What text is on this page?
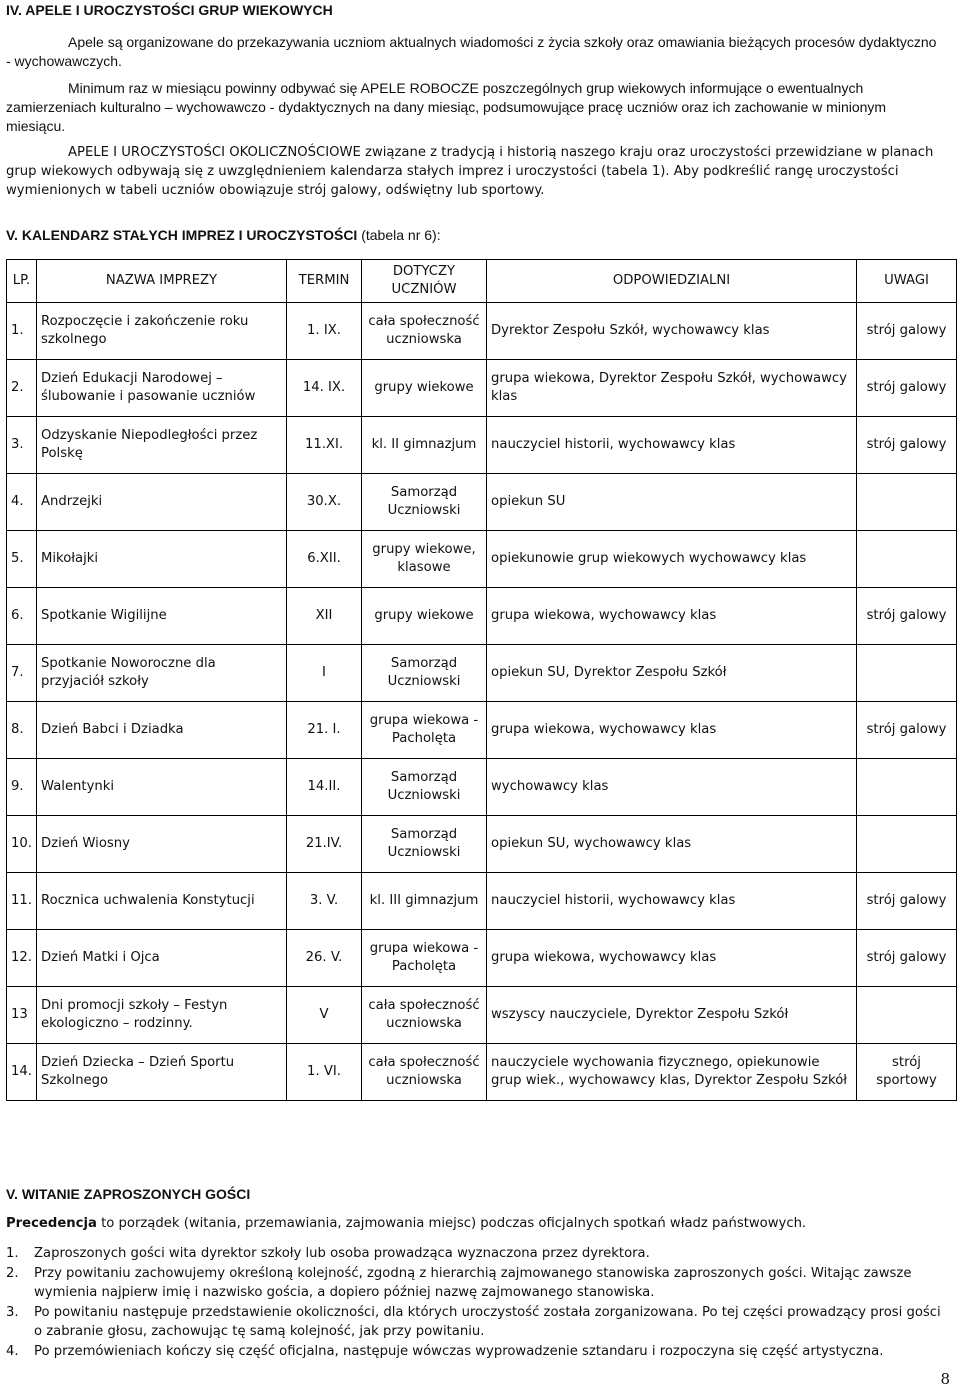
IV. APELE I UROCZYSTOŚCI GRUP WIEKOWYCH

Apele są organizowane do przekazywania uczniom aktualnych wiadomości z życia szkoły oraz omawiania bieżących procesów dydaktyczno - wychowawczych.

Minimum raz w miesiącu powinny odbywać się APELE ROBOCZE poszczególnych grup wiekowych informujące o ewentualnych zamierzeniach kulturalno – wychowawczo - dydaktycznych na dany miesiąc, podsumowujące pracę uczniów oraz ich zachowanie w minionym miesiącu.

APELE I UROCZYSTOŚCI OKOLICZNOŚCIOWE związane z tradycją i historią naszego kraju oraz uroczystości przewidziane w planach grup wiekowych odbywają się z uwzględnieniem kalendarza stałych imprez i uroczystości (tabela 1). Aby podkreślić rangę uroczystości wymienionych w tabeli uczniów obowiązuje strój galowy, odświętny lub sportowy.

V. KALENDARZ STAŁYCH IMPREZ I UROCZYSTOŚCI (tabela nr 6):
LP.	NAZWA IMPREZY	TERMIN	DOTYCZY UCZNIÓW	ODPOWIEDZIALNI	UWAGI
1.	Rozpoczęcie i zakończenie roku szkolnego	1. IX.	cała społeczność uczniowska	Dyrektor Zespołu Szkół, wychowawcy klas	strój galowy
2.	Dzień Edukacji Narodowej – ślubowanie i pasowanie uczniów	14. IX.	grupy wiekowe	grupa wiekowa, Dyrektor Zespołu Szkół, wychowawcy klas	strój galowy
3.	Odzyskanie Niepodległości przez Polskę	11.XI.	kl. II gimnazjum	nauczyciel historii, wychowawcy klas	strój galowy
4.	Andrzejki	30.X.	Samorząd Uczniowski	opiekun SU	
5.	Mikołajki	6.XII.	grupy wiekowe, klasowe	opiekunowie grup wiekowych wychowawcy klas	
6.	Spotkanie Wigilijne	XII	grupy wiekowe	grupa wiekowa, wychowawcy klas	strój galowy
7.	Spotkanie Noworoczne dla przyjaciół szkoły	I	Samorząd Uczniowski	opiekun SU, Dyrektor Zespołu Szkół	
8.	Dzień Babci i Dziadka	21. I.	grupa wiekowa - Pacholęta	grupa wiekowa, wychowawcy klas	strój galowy
9.	Walentynki	14.II.	Samorząd Uczniowski	wychowawcy klas	
10.	Dzień Wiosny	21.IV.	Samorząd Uczniowski	opiekun SU, wychowawcy klas	
11.	Rocznica uchwalenia Konstytucji	3. V.	kl. III gimnazjum	nauczyciel historii, wychowawcy klas	strój galowy
12.	Dzień Matki i Ojca	26. V.	grupa wiekowa - Pacholęta	grupa wiekowa, wychowawcy klas	strój galowy
13	Dni promocji szkoły – Festyn ekologiczno – rodzinny.	V	cała społeczność uczniowska	wszyscy nauczyciele, Dyrektor Zespołu Szkół	
14.	Dzień Dziecka – Dzień Sportu Szkolnego	1. VI.	cała społeczność uczniowska	nauczyciele wychowania fizycznego, opiekunowie grup wiek., wychowawcy klas, Dyrektor Zespołu Szkół	strój sportowy
V. WITANIE ZAPROSZONYCH GOŚCI

Precedencja to porządek (witania, przemawiania, zajmowania miejsc) podczas oficjalnych spotkań władz państwowych.

1. Zaproszonych gości wita dyrektor szkoły lub osoba prowadząca wyznaczona przez dyrektora.
2. Przy powitaniu zachowujemy określoną kolejność, zgodną z hierarchią zajmowanego stanowiska zaproszonych gości. Witając zawsze wymienia najpierw imię i nazwisko gościa, a dopiero później nazwę zajmowanego stanowiska.
3. Po powitaniu następuje przedstawienie okoliczności, dla których uroczystość została zorganizowana. Po tej części prowadzący prosi gości o zabranie głosu, zachowując tę samą kolejność, jak przy powitaniu.
4. Po przemówieniach kończy się część oficjalna, następuje wówczas wyprowadzenie sztandaru i rozpoczyna się część artystyczna.
8
